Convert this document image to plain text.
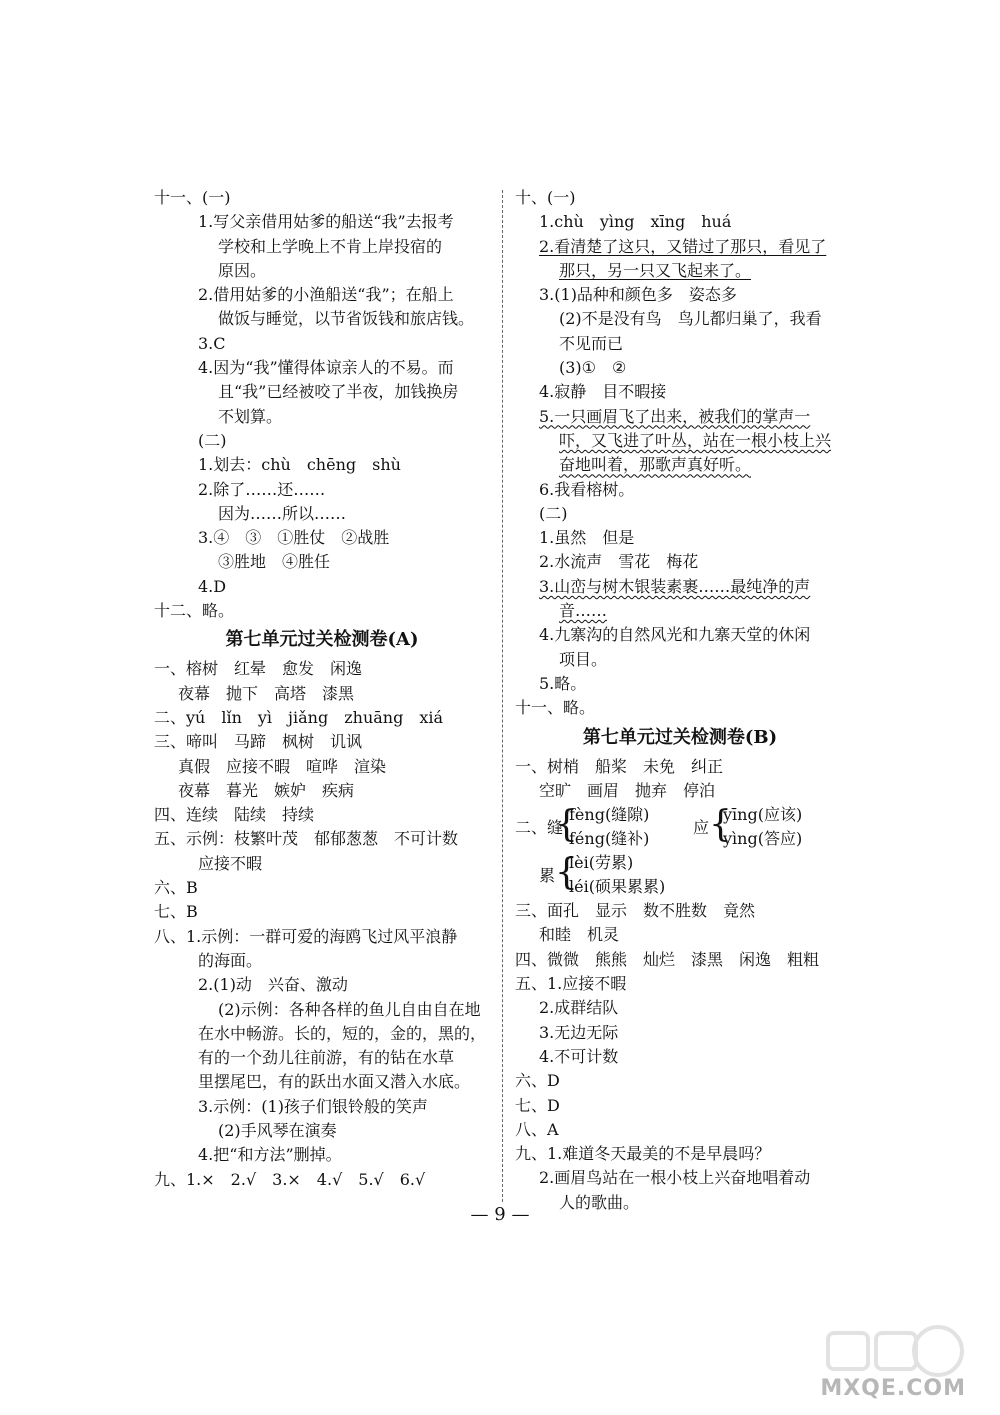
十一、(一)
1.写父亲借用姑爹的船送“我”去报考
学校和上学晚上不肯上岸投宿的
原因。
2.借用姑爹的小渔船送“我”；在船上
做饭与睡觉，以节省饭钱和旅店钱。
3.C
4.因为“我”懂得体谅亲人的不易。而
且“我”已经被咬了半夜，加钱换房
不划算。
(二)
1.划去：chù　chēng　shù
2.除了……还……
因为……所以……
3.④　③　①胜仗　②战胜
③胜地　④胜任
4.D
十二、略。
第七单元过关检测卷(A)
一、榕树　红晕　愈发　闲逸
夜幕　抛下　高塔　漆黑
二、yú　lǐn　yì　jiǎng　zhuāng　xiá
三、啼叫　马蹄　枫树　讥讽
真假　应接不暇　喧哗　渲染
夜幕　暮光　嫉妒　疾病
四、连续　陆续　持续
五、示例：枝繁叶茂　郁郁葱葱　不可计数
应接不暇
六、B
七、B
八、1.示例：一群可爱的海鸥飞过风平浪静
的海面。
2.(1)动　兴奋、激动
(2)示例：各种各样的鱼儿自由自在地
在水中畅游。长的，短的，金的，黑的，
有的一个劲儿往前游，有的钻在水草
里摆尾巴，有的跃出水面又潜入水底。
3.示例：(1)孩子们银铃般的笑声
(2)手风琴在演奏
4.把“和方法”删掉。
九、1.×　2.√　3.×　4.√　5.√　6.√
十、(一)
1.chù　yìng　xīng　huá
2.看清楚了这只，又错过了那只，看见了
那只，另一只又飞起来了。
3.(1)品种和颜色多　姿态多
(2)不是没有鸟　鸟儿都归巢了，我看
不见而已
(3)①　②
4.寂静　目不暇接
5.一只画眉飞了出来，被我们的掌声一
吓，又飞进了叶丛，站在一根小枝上兴
奋地叫着，那歌声真好听。
6.我看榕树。
(二)
1.虽然　但是
2.水流声　雪花　梅花
3.山峦与树木银装素裹……最纯净的声
音……
4.九寨沟的自然风光和九寨天堂的休闲
项目。
5.略。
十一、略。
第七单元过关检测卷(B)
一、树梢　船桨　未免　纠正
空旷　画眉　抛弃　停泊
二、缝
{
fèng(缝隙)
féng(缝补)
应 {
yīng(应该)
yìng(答应)
累 {
lèi(劳累)
léi(硕果累累)
三、面孔　显示　数不胜数　竟然
和睦　机灵
四、微微　熊熊　灿烂　漆黑　闲逸　粗粗
五、1.应接不暇
2.成群结队
3.无边无际
4.不可计数
六、D
七、D
八、A
九、1.难道冬天最美的不是早晨吗？
2.画眉鸟站在一根小枝上兴奋地唱着动
人的歌曲。
— 9 —
MXQE.COM
